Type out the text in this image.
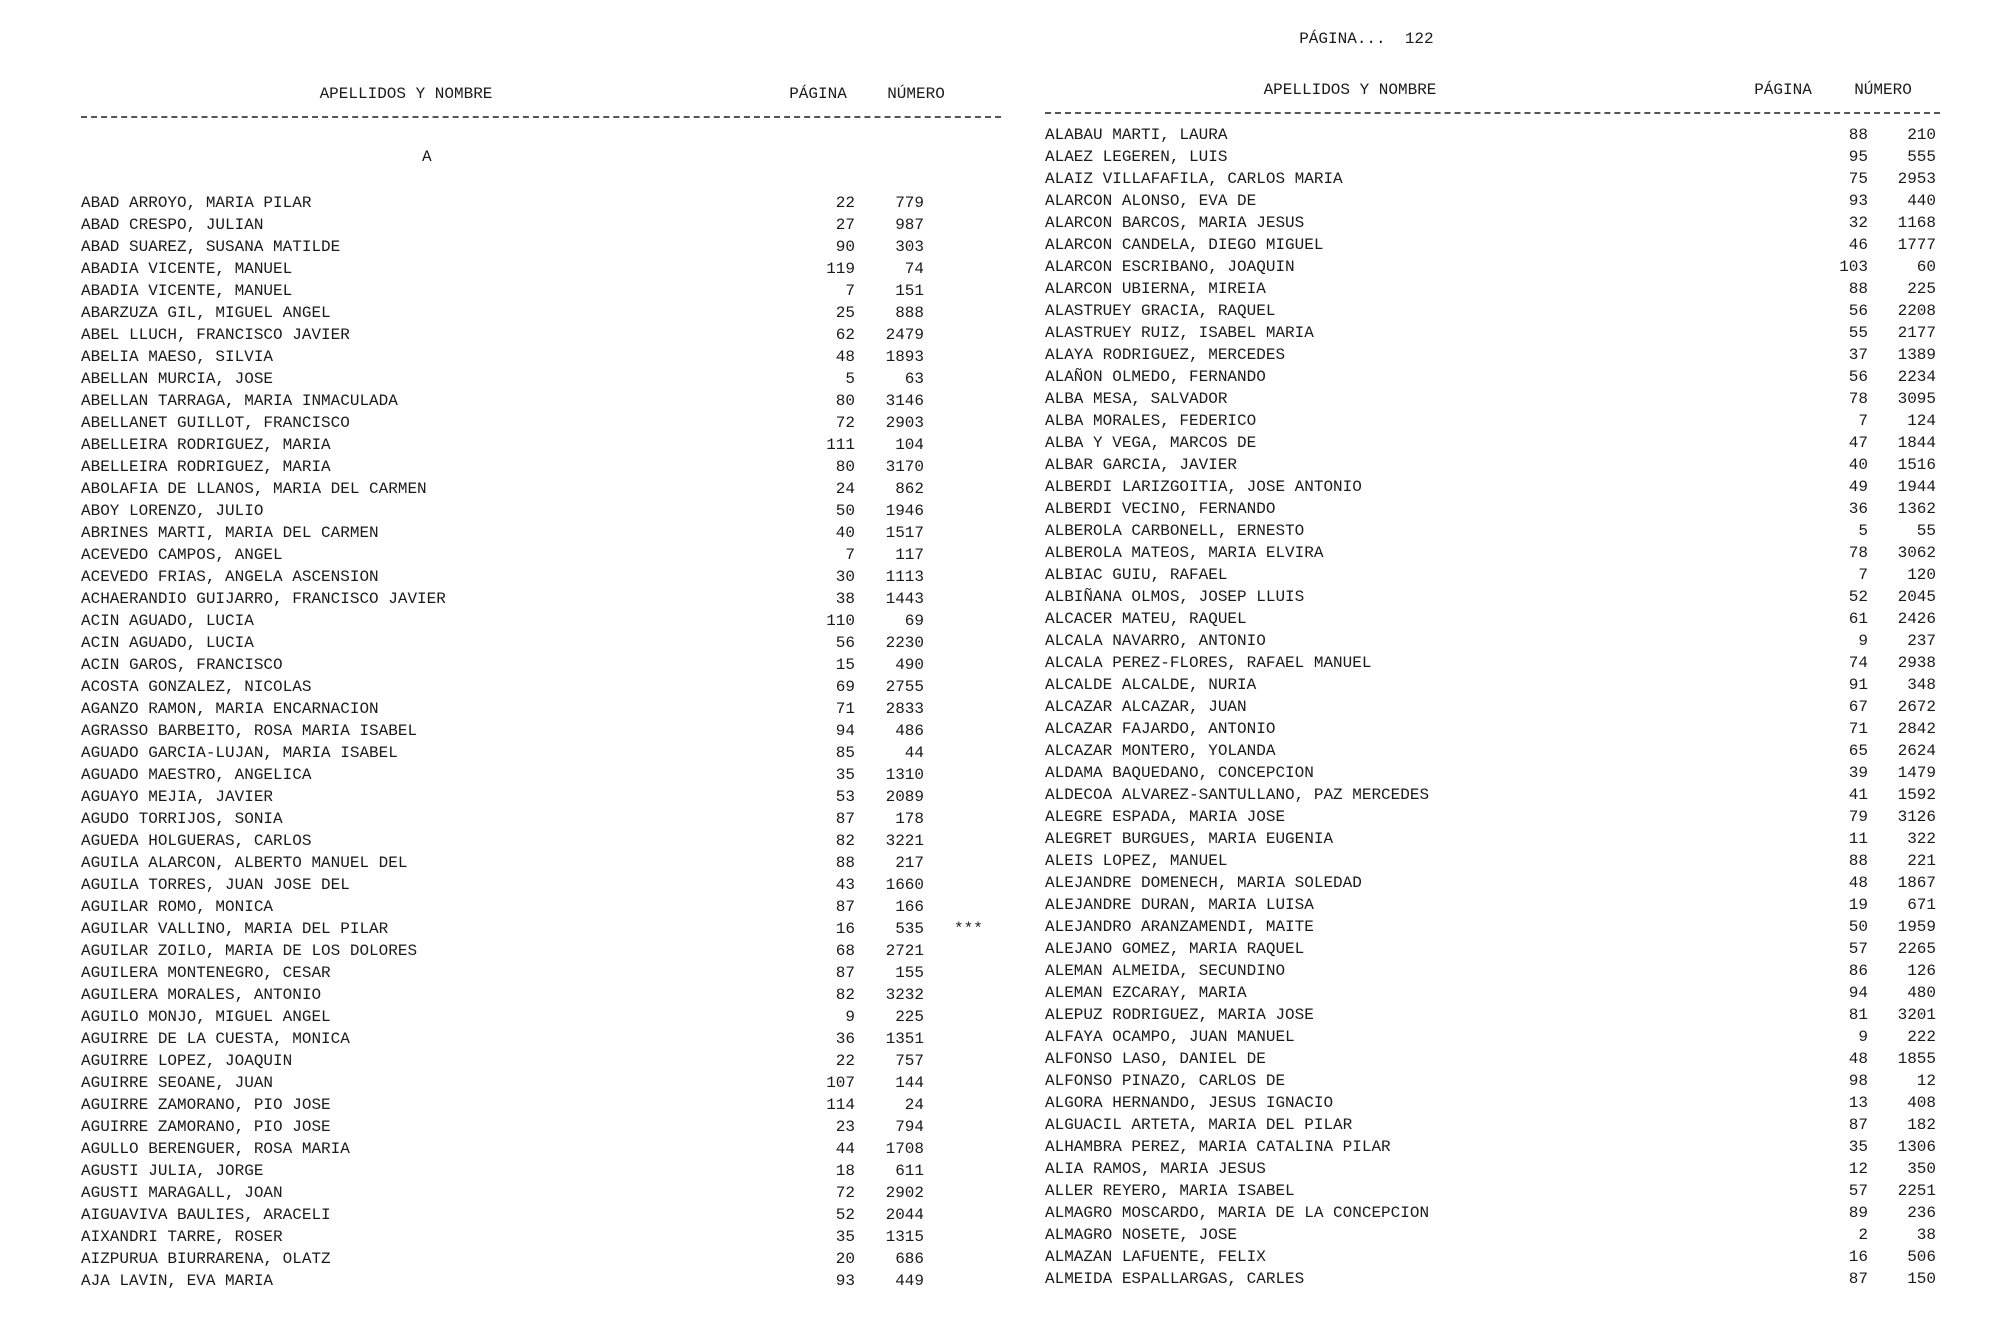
PÁGINA... 122

APELLIDOS Y NOMBRE	PÁGINA	NÚMERO
A
APELLIDOS Y NOMBRE	PÁGINA	NÚMERO
ABAD ARROYO, MARIA PILAR	22	779
ABAD CRESPO, JULIAN	27	987
ABAD SUAREZ, SUSANA MATILDE	90	303
ABADIA VICENTE, MANUEL	119	74
ABADIA VICENTE, MANUEL	7	151
ABARZUZA GIL, MIGUEL ANGEL	25	888
ABEL LLUCH, FRANCISCO JAVIER	62 2479
ABELIA MAESO, SILVIA	48 1893
ABELLAN MURCIA, JOSE	5	63
ABELLAN TARRAGA, MARIA INMACULADA	80 3146
ABELLANET GUILLOT, FRANCISCO	72 2903
ABELLEIRA RODRIGUEZ, MARIA	111	104
ABELLEIRA RODRIGUEZ, MARIA	80 3170
ABOLAFIA DE LLANOS, MARIA DEL CARMEN	24	862
ABOY LORENZO, JULIO	50 1946
ABRINES MARTI, MARIA DEL CARMEN	40 1517
ACEVEDO CAMPOS, ANGEL	7	117
ACEVEDO FRIAS, ANGELA ASCENSION	30 1113
ACHAERANDIO GUIJARRO, FRANCISCO JAVIER	38 1443
ACIN AGUADO, LUCIA	110	69
ACIN AGUADO, LUCIA	56 2230
ACIN GAROS, FRANCISCO	15	490
ACOSTA GONZALEZ, NICOLAS	69 2755
AGANZO RAMON, MARIA ENCARNACION	71 2833
AGRASSO BARBEITO, ROSA MARIA ISABEL	94	486
AGUADO GARCIA-LUJAN, MARIA ISABEL	85	44
AGUADO MAESTRO, ANGELICA	35 1310
AGUAYO MEJIA, JAVIER	53 2089
AGUDO TORRIJOS, SONIA	87	178
AGUEDA HOLGUERAS, CARLOS	82 3221
AGUILA ALARCON, ALBERTO MANUEL DEL	88	217
AGUILA TORRES, JUAN JOSE DEL	43 1660
AGUILAR ROMO, MONICA	87	166
AGUILAR VALLINO, MARIA DEL PILAR	16	535 ***
AGUILAR ZOILO, MARIA DE LOS DOLORES	68 2721
AGUILERA MONTENEGRO, CESAR	87	155
AGUILERA MORALES, ANTONIO	82 3232
AGUILO MONJO, MIGUEL ANGEL	9	225
AGUIRRE DE LA CUESTA, MONICA	36 1351
AGUIRRE LOPEZ, JOAQUIN	22	757
AGUIRRE SEOANE, JUAN	107	144
AGUIRRE ZAMORANO, PIO JOSE	114	24
AGUIRRE ZAMORANO, PIO JOSE	23	794
AGULLO BERENGUER, ROSA MARIA	44 1708
AGUSTI JULIA, JORGE	18	611
AGUSTI MARAGALL, JOAN	72 2902
AIGUAVIVA BAULIES, ARACELI	52 2044
AIXANDRI TARRE, ROSER	35 1315
AIZPURUA BIURRARENA, OLATZ	20	686
AJA LAVIN, EVA MARIA	93	449
ALABAU MARTI, LAURA	88 210
ALAEZ LEGEREN, LUIS	95 555
ALAIZ VILLAFAFILA, CARLOS MARIA	75 2953
ALARCON ALONSO, EVA DE	93 440
ALARCON BARCOS, MARIA JESUS	32 1168
ALARCON CANDELA, DIEGO MIGUEL	46 1777
ALARCON ESCRIBANO, JOAQUIN	103	60
ALARCON UBIERNA, MIREIA	88 225
ALASTRUEY GRACIA, RAQUEL	56 2208
ALASTRUEY RUIZ, ISABEL MARIA	55 2177
ALAYA RODRIGUEZ, MERCEDES	37 1389
ALAÑON OLMEDO, FERNANDO	56 2234
ALBA MESA, SALVADOR	78 3095
ALBA MORALES, FEDERICO	7 124
ALBA Y VEGA, MARCOS DE	47 1844
ALBAR GARCIA, JAVIER	40 1516
ALBERDI LARIZGOITIA, JOSE ANTONIO	49 1944
ALBERDI VECINO, FERNANDO	36 1362
ALBEROLA CARBONELL, ERNESTO	5	55
ALBEROLA MATEOS, MARIA ELVIRA	78 3062
ALBIAC GUIU, RAFAEL	7 120
ALBIÑANA OLMOS, JOSEP LLUIS	52 2045
ALCACER MATEU, RAQUEL	61 2426
ALCALA NAVARRO, ANTONIO	9 237
ALCALA PEREZ-FLORES, RAFAEL MANUEL	74 2938
ALCALDE ALCALDE, NURIA	91 348
ALCAZAR ALCAZAR, JUAN	67 2672
ALCAZAR FAJARDO, ANTONIO	71 2842
ALCAZAR MONTERO, YOLANDA	65 2624
ALDAMA BAQUEDANO, CONCEPCION	39 1479
ALDECOA ALVAREZ-SANTULLANO, PAZ MERCEDES	41 1592
ALEGRE ESPADA, MARIA JOSE	79 3126
ALEGRET BURGUES, MARIA EUGENIA	11 322
ALEIS LOPEZ, MANUEL	88 221
ALEJANDRE DOMENECH, MARIA SOLEDAD	48 1867
ALEJANDRE DURAN, MARIA LUISA	19 671
ALEJANDRO ARANZAMENDI, MAITE	50 1959
ALEJANO GOMEZ, MARIA RAQUEL	57 2265
ALEMAN ALMEIDA, SECUNDINO	86 126
ALEMAN EZCARAY, MARIA	94 480
ALEPUZ RODRIGUEZ, MARIA JOSE	81 3201
ALFAYA OCAMPO, JUAN MANUEL	9 222
ALFONSO LASO, DANIEL DE	48 1855
ALFONSO PINAZO, CARLOS DE	98	12
ALGORA HERNANDO, JESUS IGNACIO	13 408
ALGUACIL ARTETA, MARIA DEL PILAR	87 182
ALHAMBRA PEREZ, MARIA CATALINA PILAR	35 1306
ALIA RAMOS, MARIA JESUS	12 350
ALLER REYERO, MARIA ISABEL	57 2251
ALMAGRO MOSCARDO, MARIA DE LA CONCEPCION	89 236
ALMAGRO NOSETE, JOSE	2	38
ALMAZAN LAFUENTE, FELIX	16 506
ALMEIDA ESPALLARGAS, CARLES	87 150
